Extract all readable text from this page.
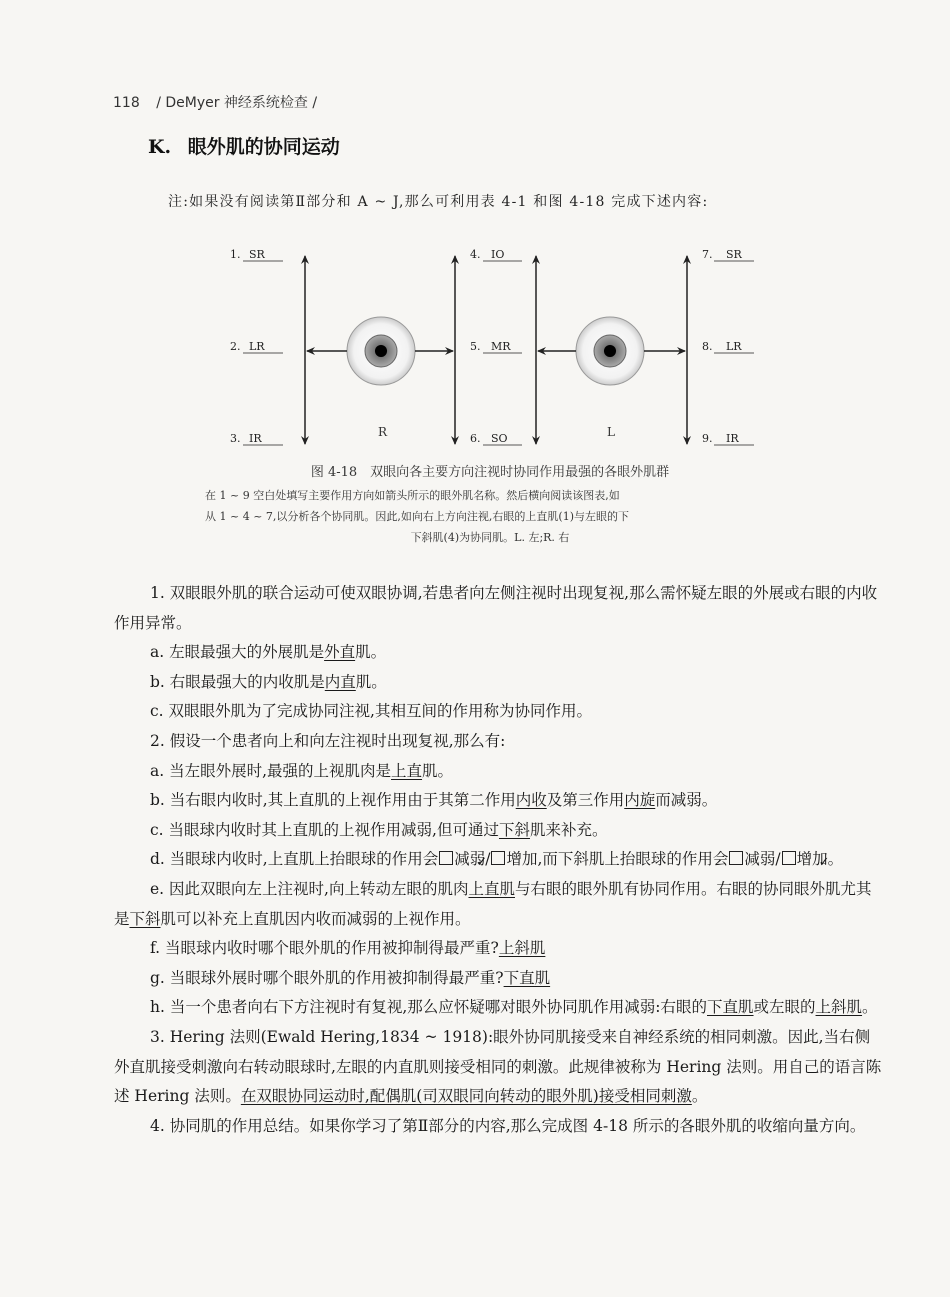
118 / DeMyer 神经系统检查 /
K. 眼外肌的协同运动
注:如果没有阅读第Ⅱ部分和 A ~ J,那么可利用表 4-1 和图 4-18 完成下述内容:
R	L
1. SR
2. LR
3. IR
4. IO
5. MR
6. SO
7. SR
8. LR
9. IR
图 4-18　双眼向各主要方向注视时协同作用最强的各眼外肌群
在 1 ~ 9 空白处填写主要作用方向如箭头所示的眼外肌名称。然后横向阅读该图表,如
从 1 ~ 4 ~ 7,以分析各个协同肌。因此,如向右上方向注视,右眼的上直肌(1)与左眼的下
下斜肌(4)为协同肌。L. 左;R. 右

1. 双眼眼外肌的联合运动可使双眼协调,若患者向左侧注视时出现复视,那么需怀疑左眼的外展或右眼的内收作用异常。

a. 左眼最强大的外展肌是外直肌。

b. 右眼最强大的内收肌是内直肌。

c. 双眼眼外肌为了完成协同注视,其相互间的作用称为协同作用。

2. 假设一个患者向上和向左注视时出现复视,那么有:

a. 当左眼外展时,最强的上视肌肉是上直肌。

b. 当右眼内收时,其上直肌的上视作用由于其第二作用内收及第三作用内旋而减弱。

c. 当眼球内收时其上直肌的上视作用减弱,但可通过下斜肌来补充。

d. 当眼球内收时,上直肌上抬眼球的作用会 ✓ 减弱/ 增加,而下斜肌上抬眼球的作用会 减弱/ ✓ 增加。

e. 因此双眼向左上注视时,向上转动左眼的肌肉上直肌与右眼的眼外肌有协同作用。右眼的协同眼外肌尤其是下斜肌可以补充上直肌因内收而减弱的上视作用。

f. 当眼球内收时哪个眼外肌的作用被抑制得最严重?上斜肌

g. 当眼球外展时哪个眼外肌的作用被抑制得最严重?下直肌

h. 当一个患者向右下方注视时有复视,那么应怀疑哪对眼外协同肌作用减弱:右眼的下直肌或左眼的上斜肌。

3. Hering 法则(Ewald Hering,1834 ~ 1918):眼外协同肌接受来自神经系统的相同刺激。因此,当右侧外直肌接受刺激向右转动眼球时,左眼的内直肌则接受相同的刺激。此规律被称为 Hering 法则。用自己的语言陈述 Hering 法则。在双眼协同运动时,配偶肌(司双眼同向转动的眼外肌)接受相同刺激。

4. 协同肌的作用总结。如果你学习了第Ⅱ部分的内容,那么完成图 4-18 所示的各眼外肌的收缩向量方向。
